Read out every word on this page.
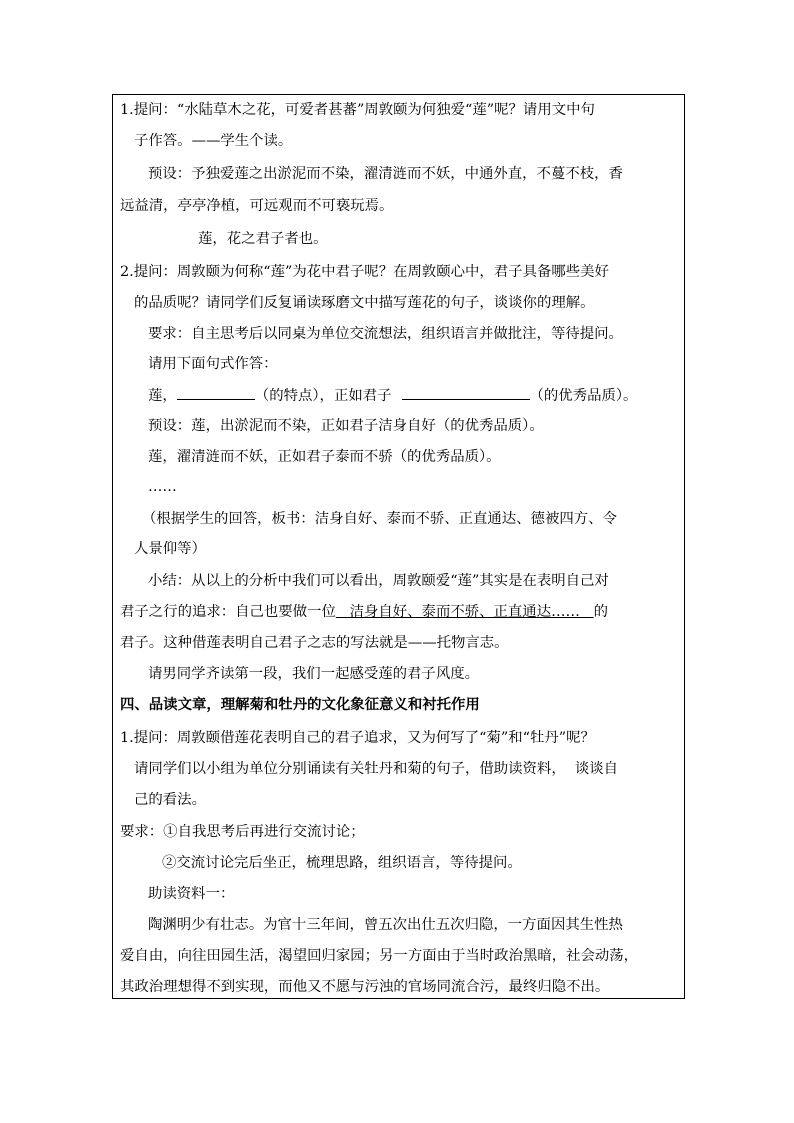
1.提问：“水陆草木之花，可爱者甚蕃”周敦颐为何独爱“莲”呢？请用文中句
子作答。——学生个读。
预设：予独爱莲之出淤泥而不染，濯清涟而不妖，中通外直，不蔓不枝，香
远益清，亭亭净植，可远观而不可亵玩焉。
莲，花之君子者也。
2.提问：周敦颐为何称“莲”为花中君子呢？在周敦颐心中，君子具备哪些美好
的品质呢？请同学们反复诵读琢磨文中描写莲花的句子，谈谈你的理解。
要求：自主思考后以同桌为单位交流想法，组织语言并做批注，等待提问。
请用下面句式作答：
莲，	（的特点），正如君子	（的优秀品质）。
预设：莲，出淤泥而不染，正如君子洁身自好（的优秀品质）。
莲，濯清涟而不妖，正如君子泰而不骄（的优秀品质）。
……
（根据学生的回答，板书：洁身自好、泰而不骄、正直通达、德被四方、令
人景仰等）
小结：从以上的分析中我们可以看出，周敦颐爱“莲”其实是在表明自己对
君子之行的追求：自己也要做一位   洁身自好、泰而不骄、正直通达……   的
君子。这种借莲表明自己君子之志的写法就是——托物言志。
请男同学齐读第一段，我们一起感受莲的君子风度。
四、品读文章，理解菊和牡丹的文化象征意义和衬托作用
1.提问：周敦颐借莲花表明自己的君子追求，又为何写了“菊”和“牡丹”呢？
请同学们以小组为单位分别诵读有关牡丹和菊的句子，借助读资料，  谈谈自
己的看法。
要求：①自我思考后再进行交流讨论；
②交流讨论完后坐正，梳理思路，组织语言，等待提问。
助读资料一：
陶渊明少有壮志。为官十三年间，曾五次出仕五次归隐，一方面因其生性热
爱自由，向往田园生活，渴望回归家园；另一方面由于当时政治黑暗，社会动荡，
其政治理想得不到实现，而他又不愿与污浊的官场同流合污，最终归隐不出。
